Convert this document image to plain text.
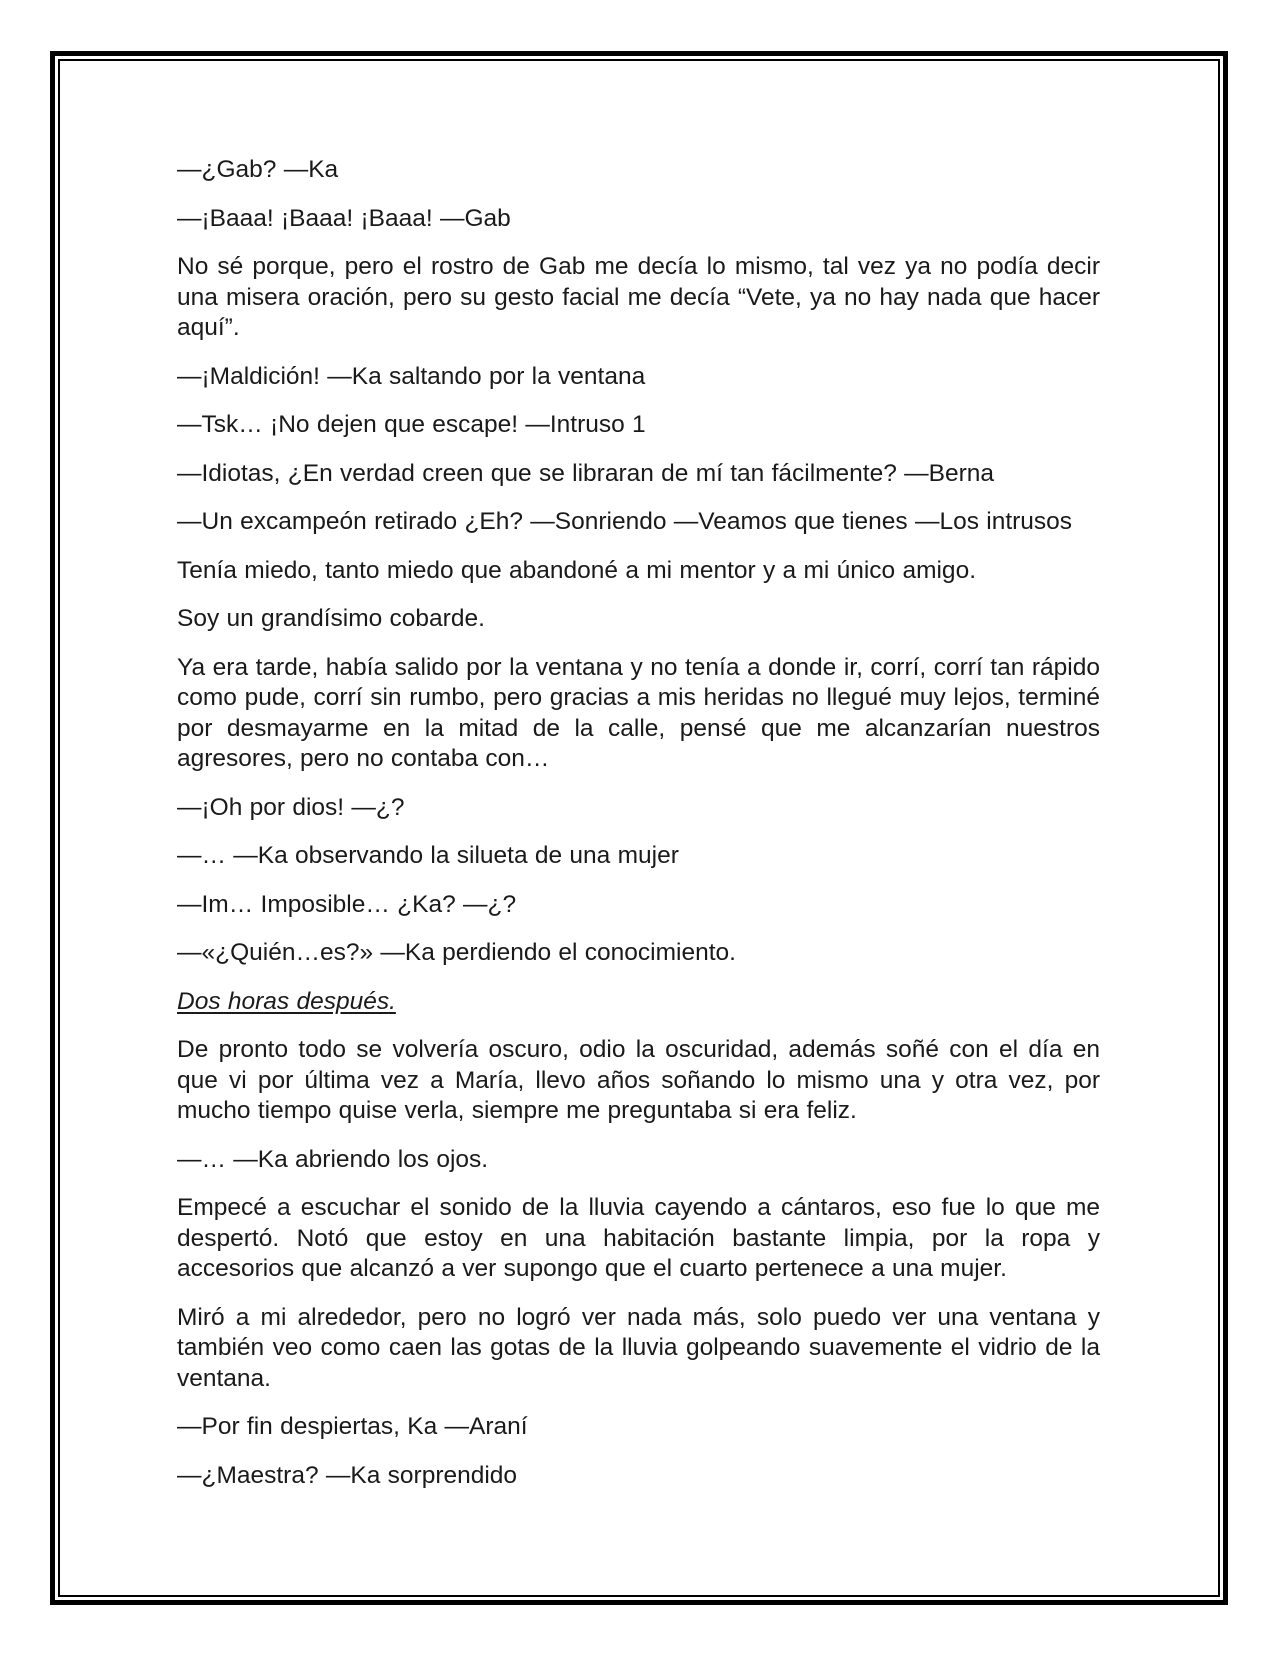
—¿Gab? —Ka

—¡Baaa! ¡Baaa! ¡Baaa! —Gab

No sé porque, pero el rostro de Gab me decía lo mismo, tal vez ya no podía decir una misera oración, pero su gesto facial me decía “Vete, ya no hay nada que hacer aquí”.

—¡Maldición! —Ka saltando por la ventana

—Tsk… ¡No dejen que escape! —Intruso 1

—Idiotas, ¿En verdad creen que se libraran de mí tan fácilmente? —Berna

—Un excampeón retirado ¿Eh? —Sonriendo —Veamos que tienes —Los intrusos

Tenía miedo, tanto miedo que abandoné a mi mentor y a mi único amigo.

Soy un grandísimo cobarde.

Ya era tarde, había salido por la ventana y no tenía a donde ir, corrí, corrí tan rápido como pude, corrí sin rumbo, pero gracias a mis heridas no llegué muy lejos, terminé por desmayarme en la mitad de la calle, pensé que me alcanzarían nuestros agresores, pero no contaba con…

—¡Oh por dios! —¿?

—… —Ka observando la silueta de una mujer

—Im… Imposible… ¿Ka? —¿?

—«¿Quién…es?» —Ka perdiendo el conocimiento.

Dos horas después.

De pronto todo se volvería oscuro, odio la oscuridad, además soñé con el día en que vi por última vez a María, llevo años soñando lo mismo una y otra vez, por mucho tiempo quise verla, siempre me preguntaba si era feliz.

—… —Ka abriendo los ojos.

Empecé a escuchar el sonido de la lluvia cayendo a cántaros, eso fue lo que me despertó. Notó que estoy en una habitación bastante limpia, por la ropa y accesorios que alcanzó a ver supongo que el cuarto pertenece a una mujer.

Miró a mi alrededor, pero no logró ver nada más, solo puedo ver una ventana y también veo como caen las gotas de la lluvia golpeando suavemente el vidrio de la ventana.

—Por fin despiertas, Ka —Araní

—¿Maestra? —Ka sorprendido
